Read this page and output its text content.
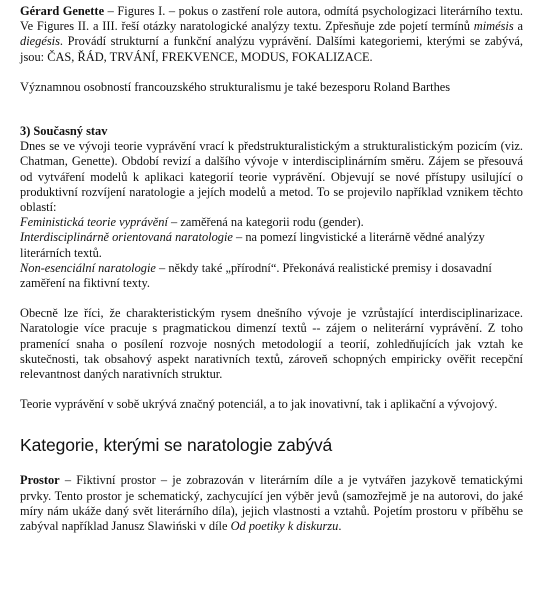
Gérard Genette – Figures I. – pokus o zastření role autora, odmítá psychologizaci literárního textu. Ve Figures II. a III. řeší otázky naratologické analýzy textu. Zpřesňuje zde pojetí termínů mimésis a diegésis. Provádí strukturní a funkční analýzu vyprávění. Dalšími kategoriemi, kterými se zabývá, jsou: ČAS, ŘÁD, TRVÁNÍ, FREKVENCE, MODUS, FOKALIZACE.

Významnou osobností francouzského strukturalismu je také bezesporu Roland Barthes

3) Současný stav

Dnes se ve vývoji teorie vyprávění vrací k předstrukturalistickým a strukturalistickým pozicím (viz. Chatman, Genette). Období revizí a dalšího vývoje v interdisciplinárním směru. Zájem se přesouvá od vytváření modelů k aplikaci kategorií teorie vyprávění. Objevují se nové přístupy usilující o produktivní rozvíjení naratologie a jejích modelů a metod. To se projevilo například vznikem těchto oblastí:

Feministická teorie vyprávění – zaměřená na kategorii rodu (gender).

Interdisciplinárně orientovaná naratologie – na pomezí lingvistické a literárně vědné analýzy literárních textů.

Non-esenciální naratologie – někdy také „přírodní“. Překonává realistické premisy i dosavadní zaměření na fiktivní texty.

Obecně lze říci, že charakteristickým rysem dnešního vývoje je vzrůstající interdisciplinarizace. Naratologie více pracuje s pragmatickou dimenzí textů -- zájem o neliterární vyprávění. Z toho pramenící snaha o posílení rozvoje nosných metodologií a teorií, zohledňujících jak vztah ke skutečnosti, tak obsahový aspekt narativních textů, zároveň schopných empiricky ověřit recepční relevantnost daných narativních struktur.

Teorie vyprávění v sobě ukrývá značný potenciál, a to jak inovativní, tak i aplikační a vývojový.

Kategorie, kterými se naratologie zabývá

Prostor – Fiktivní prostor – je zobrazován v literárním díle a je vytvářen jazykově tematickými prvky. Tento prostor je schematický, zachycující jen výběr jevů (samozřejmě je na autorovi, do jaké míry nám ukáže daný svět literárního díla), jejich vlastnosti a vztahů. Pojetím prostoru v příběhu se zabýval například Janusz Slawiński v díle Od poetiky k diskurzu.
